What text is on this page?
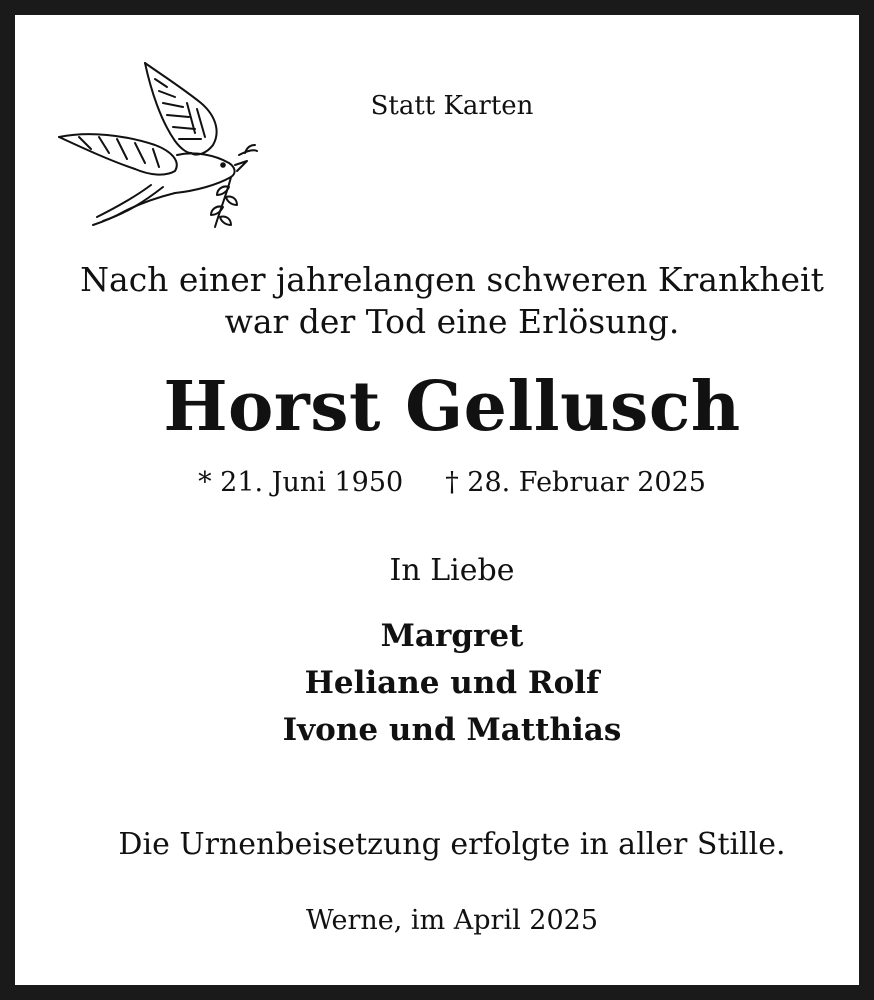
Statt Karten
Nach einer jahrelangen schweren Krankheit
war der Tod eine Erlösung.
Horst Gellusch
* 21. Juni 1950 † 28. Februar 2025
In Liebe
Margret
Heliane und Rolf
Ivone und Matthias
Die Urnenbeisetzung erfolgte in aller Stille.
Werne, im April 2025
